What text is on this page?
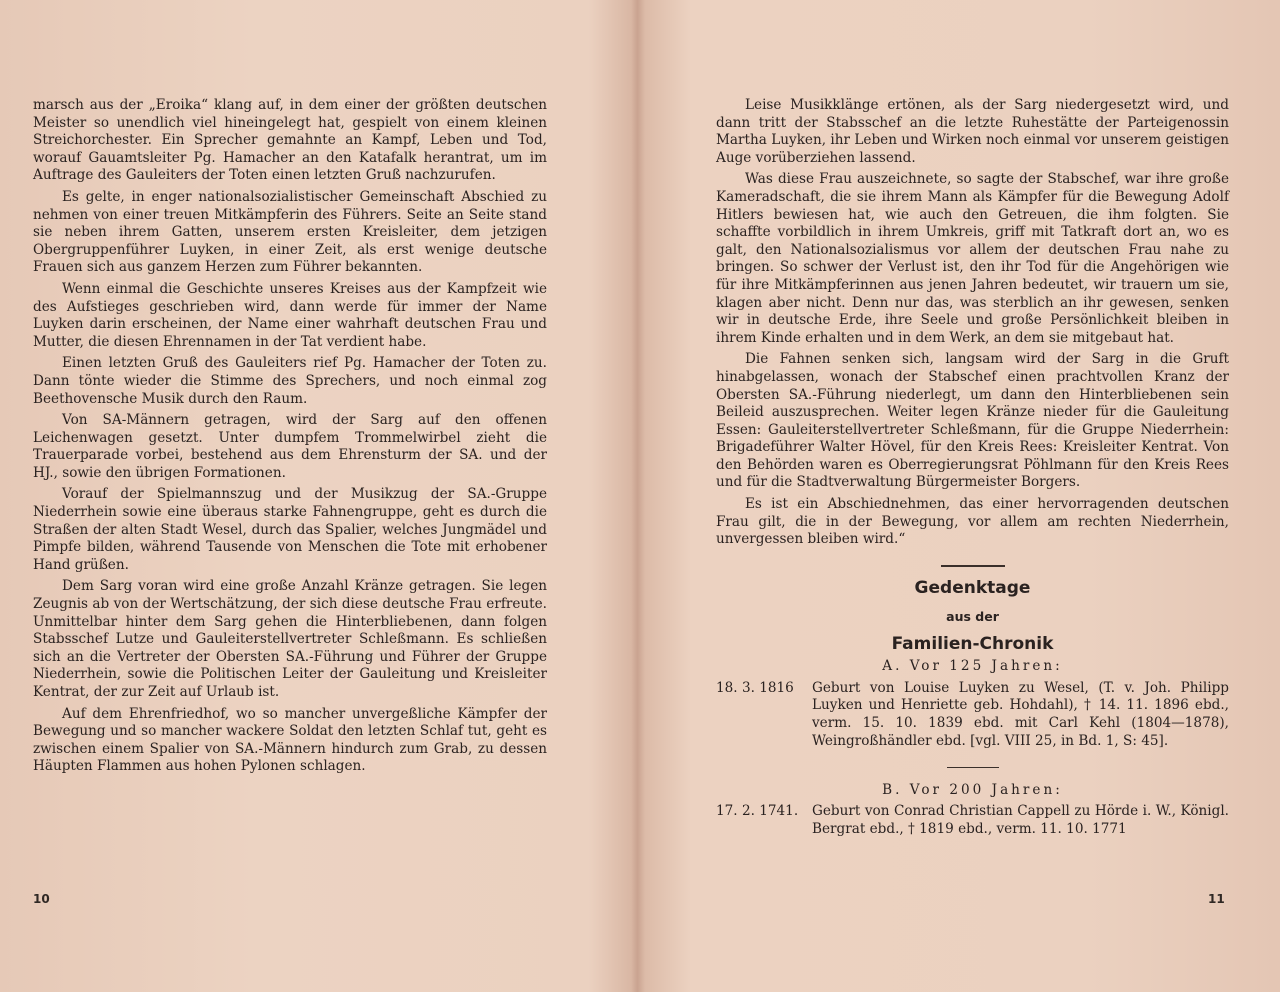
marsch aus der „Eroika“ klang auf, in dem einer der größten deutschen Meister so unendlich viel hineingelegt hat, gespielt von einem kleinen Streichorchester. Ein Sprecher gemahnte an Kampf, Leben und Tod, worauf Gauamtsleiter Pg. Hamacher an den Katafalk herantrat, um im Auftrage des Gauleiters der Toten einen letzten Gruß nachzurufen.

Es gelte, in enger nationalsozialistischer Gemeinschaft Abschied zu nehmen von einer treuen Mitkämpferin des Führers. Seite an Seite stand sie neben ihrem Gatten, unserem ersten Kreisleiter, dem jetzigen Obergruppenführer Luyken, in einer Zeit, als erst wenige deutsche Frauen sich aus ganzem Herzen zum Führer bekannten.

Wenn einmal die Geschichte unseres Kreises aus der Kampfzeit wie des Aufstieges geschrieben wird, dann werde für immer der Name Luyken darin erscheinen, der Name einer wahrhaft deutschen Frau und Mutter, die diesen Ehrennamen in der Tat verdient habe.

Einen letzten Gruß des Gauleiters rief Pg. Hamacher der Toten zu. Dann tönte wieder die Stimme des Sprechers, und noch einmal zog Beethovensche Musik durch den Raum.

Von SA-Männern getragen, wird der Sarg auf den offenen Leichenwagen gesetzt. Unter dumpfem Trommelwirbel zieht die Trauerparade vorbei, bestehend aus dem Ehrensturm der SA. und der HJ., sowie den übrigen Formationen.

Vorauf der Spielmannszug und der Musikzug der SA.-Gruppe Niederrhein sowie eine überaus starke Fahnengruppe, geht es durch die Straßen der alten Stadt Wesel, durch das Spalier, welches Jungmädel und Pimpfe bilden, während Tausende von Menschen die Tote mit erhobener Hand grüßen.

Dem Sarg voran wird eine große Anzahl Kränze getragen. Sie legen Zeugnis ab von der Wertschätzung, der sich diese deutsche Frau erfreute. Unmittelbar hinter dem Sarg gehen die Hinterbliebenen, dann folgen Stabsschef Lutze und Gauleiterstellvertreter Schleßmann. Es schließen sich an die Vertreter der Obersten SA.-Führung und Führer der Gruppe Niederrhein, sowie die Politischen Leiter der Gauleitung und Kreisleiter Kentrat, der zur Zeit auf Urlaub ist.

Auf dem Ehrenfriedhof, wo so mancher unvergeßliche Kämpfer der Bewegung und so mancher wackere Soldat den letzten Schlaf tut, geht es zwischen einem Spalier von SA.-Männern hindurch zum Grab, zu dessen Häupten Flammen aus hohen Pylonen schlagen.

10

Leise Musikklänge ertönen, als der Sarg niedergesetzt wird, und dann tritt der Stabsschef an die letzte Ruhestätte der Parteigenossin Martha Luyken, ihr Leben und Wirken noch einmal vor unserem geistigen Auge vorüberziehen lassend.

Was diese Frau auszeichnete, so sagte der Stabschef, war ihre große Kameradschaft, die sie ihrem Mann als Kämpfer für die Bewegung Adolf Hitlers bewiesen hat, wie auch den Getreuen, die ihm folgten. Sie schaffte vorbildlich in ihrem Umkreis, griff mit Tatkraft dort an, wo es galt, den Nationalsozialismus vor allem der deutschen Frau nahe zu bringen. So schwer der Verlust ist, den ihr Tod für die Angehörigen wie für ihre Mitkämpferinnen aus jenen Jahren bedeutet, wir trauern um sie, klagen aber nicht. Denn nur das, was sterblich an ihr gewesen, senken wir in deutsche Erde, ihre Seele und große Persönlichkeit bleiben in ihrem Kinde erhalten und in dem Werk, an dem sie mitgebaut hat.

Die Fahnen senken sich, langsam wird der Sarg in die Gruft hinabgelassen, wonach der Stabschef einen prachtvollen Kranz der Obersten SA.-Führung niederlegt, um dann den Hinterbliebenen sein Beileid auszusprechen. Weiter legen Kränze nieder für die Gauleitung Essen: Gauleiterstellvertreter Schleßmann, für die Gruppe Niederrhein: Brigadeführer Walter Hövel, für den Kreis Rees: Kreisleiter Kentrat. Von den Behörden waren es Oberregierungsrat Pöhlmann für den Kreis Rees und für die Stadtverwaltung Bürgermeister Borgers.

Es ist ein Abschiednehmen, das einer hervorragenden deutschen Frau gilt, die in der Bewegung, vor allem am rechten Niederrhein, unvergessen bleiben wird.“

Gedenktage
aus der
Familien-Chronik
A. Vor 125 Jahren:
18. 3. 1816	Geburt von Louise Luyken zu Wesel, (T. v. Joh. Philipp Luyken und Henriette geb. Hohdahl), † 14. 11. 1896 ebd., verm. 15. 10. 1839 ebd. mit Carl Kehl (1804—1878), Weingroßhändler ebd. [vgl. VIII 25, in Bd. 1, S: 45].
B. Vor 200 Jahren:
17. 2. 1741.	Geburt von Conrad Christian Cappell zu Hörde i. W., Königl. Bergrat ebd., † 1819 ebd., verm. 11. 10. 1771
11
